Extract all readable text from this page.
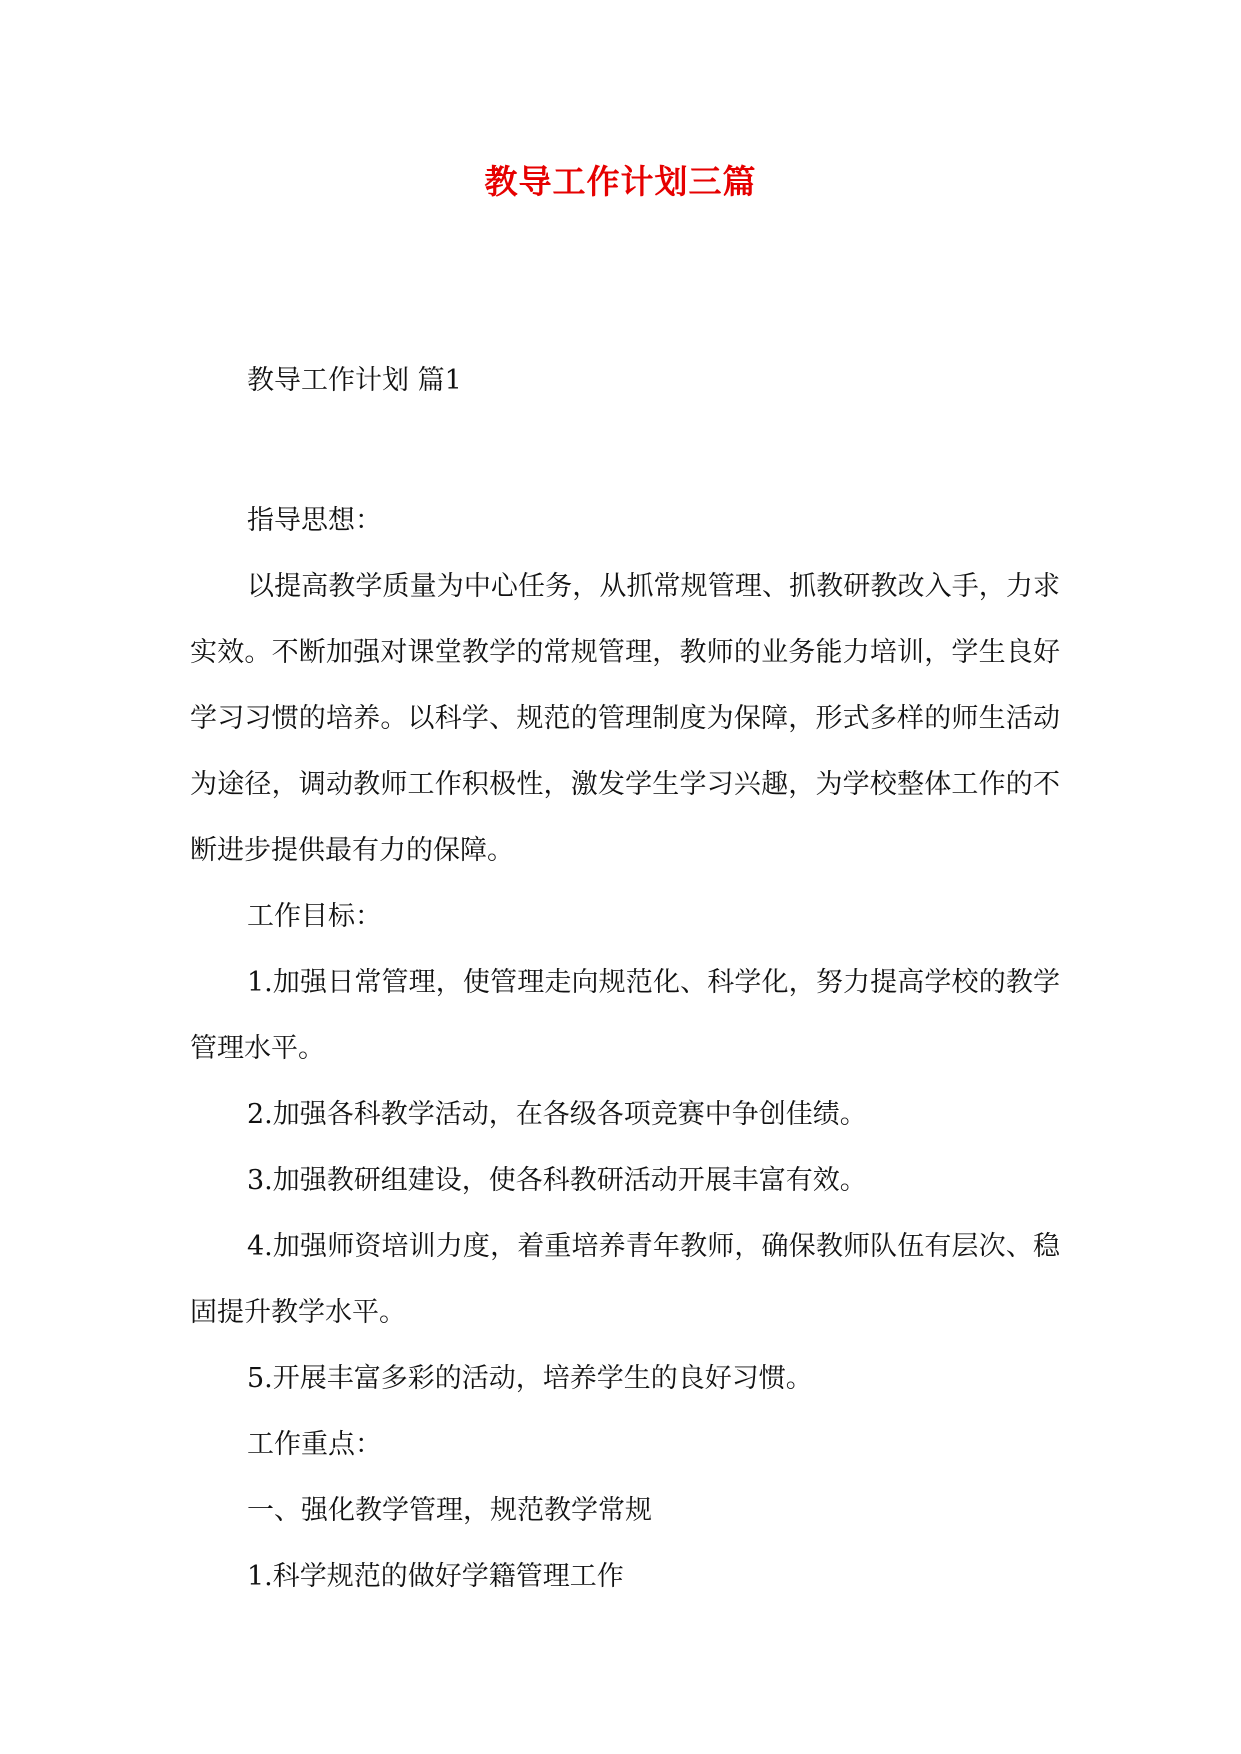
教导工作计划三篇

教导工作计划 篇1

指导思想：

以提高教学质量为中心任务，从抓常规管理、抓教研教改入手，力求实效。不断加强对课堂教学的常规管理，教师的业务能力培训，学生良好学习习惯的培养。以科学、规范的管理制度为保障，形式多样的师生活动为途径，调动教师工作积极性，激发学生学习兴趣，为学校整体工作的不断进步提供最有力的保障。

工作目标：

1.加强日常管理，使管理走向规范化、科学化，努力提高学校的教学管理水平。

2.加强各科教学活动，在各级各项竞赛中争创佳绩。

3.加强教研组建设，使各科教研活动开展丰富有效。

4.加强师资培训力度，着重培养青年教师，确保教师队伍有层次、稳固提升教学水平。

5.开展丰富多彩的活动，培养学生的良好习惯。

工作重点：

一、强化教学管理，规范教学常规

1.科学规范的做好学籍管理工作
